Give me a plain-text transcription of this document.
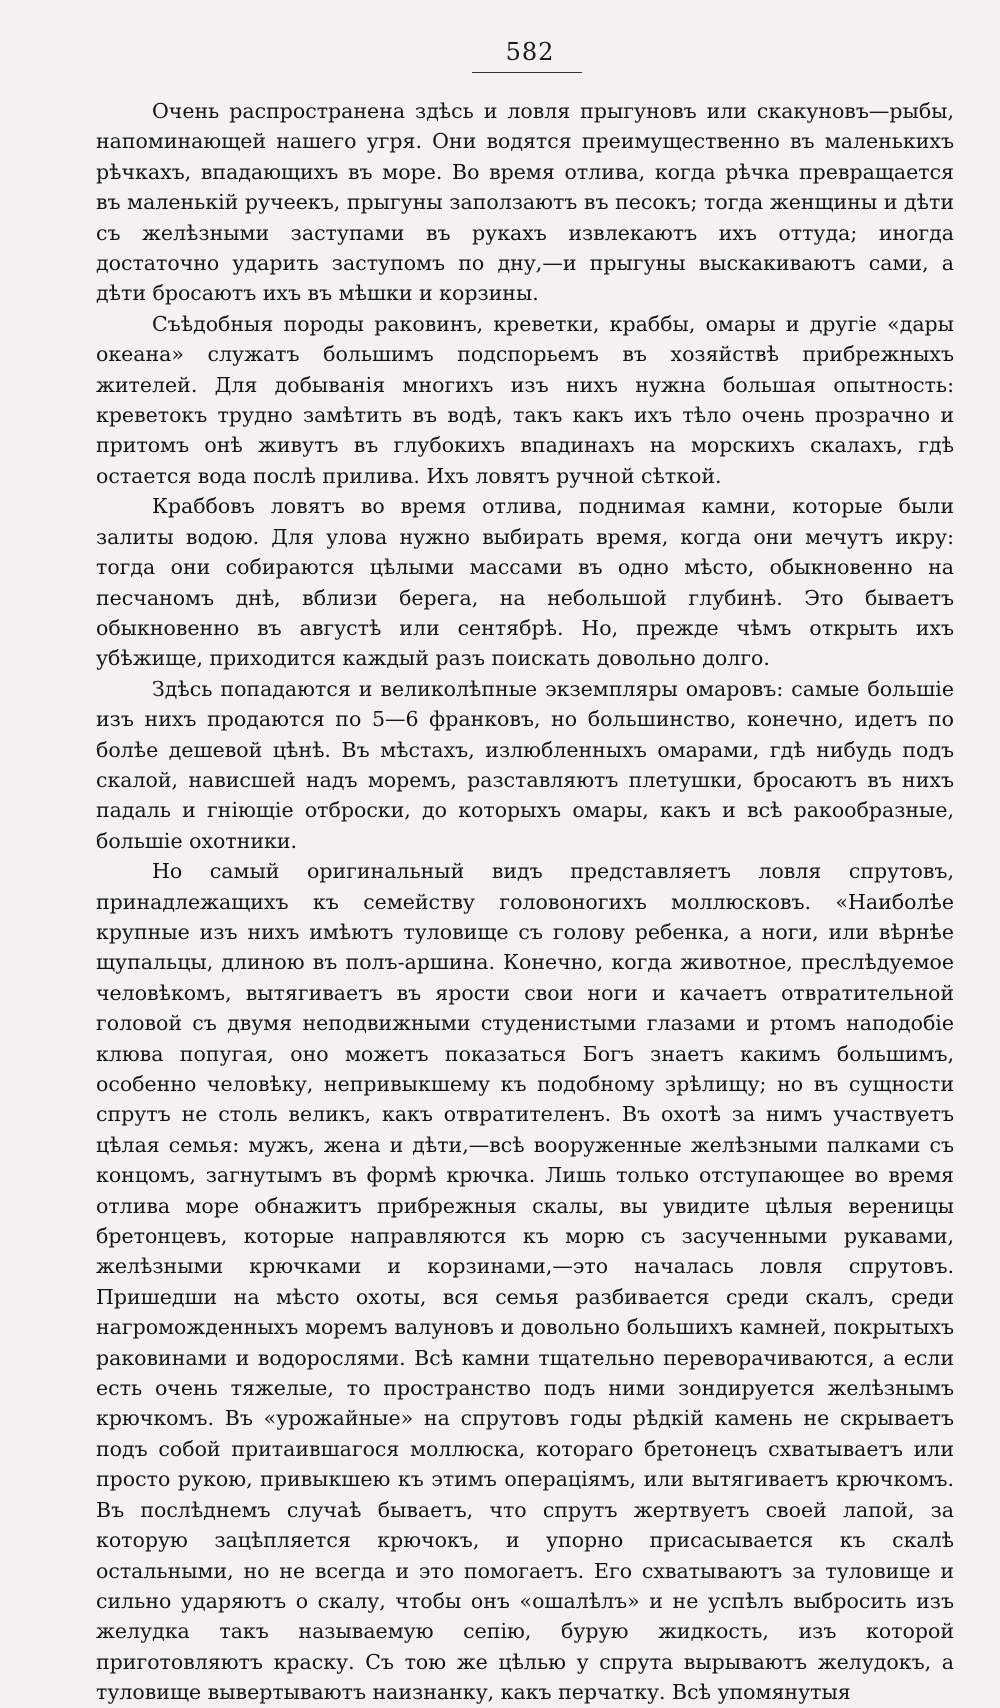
582

Очень распространена здѣсь и ловля прыгуновъ или скакуновъ—рыбы, напоминающей нашего угря. Они водятся преимущественно въ маленькихъ рѣчкахъ, впадающихъ въ море. Во время отлива, когда рѣчка превращается въ маленькій ручеекъ, прыгуны заползаютъ въ песокъ; тогда женщины и дѣти съ желѣзными заступами въ рукахъ извлекаютъ ихъ оттуда; иногда достаточно ударить заступомъ по дну,—и прыгуны выскакиваютъ сами, а дѣти бросаютъ ихъ въ мѣшки и корзины.

Съѣдобныя породы раковинъ, креветки, краббы, омары и другіе «дары океана» служатъ большимъ подспорьемъ въ хозяйствѣ прибрежныхъ жителей. Для добыванія многихъ изъ нихъ нужна большая опытность: креветокъ трудно замѣтить въ водѣ, такъ какъ ихъ тѣло очень прозрачно и притомъ онѣ живутъ въ глубокихъ впадинахъ на морскихъ скалахъ, гдѣ остается вода послѣ прилива. Ихъ ловятъ ручной сѣткой.

Краббовъ ловятъ во время отлива, поднимая камни, которые были залиты водою. Для улова нужно выбирать время, когда они мечутъ икру: тогда они собираются цѣлыми массами въ одно мѣсто, обыкновенно на песчаномъ днѣ, вблизи берега, на небольшой глубинѣ. Это бываетъ обыкновенно въ августѣ или сентябрѣ. Но, прежде чѣмъ открыть ихъ убѣжище, приходится каждый разъ поискать довольно долго.

Здѣсь попадаются и великолѣпные экземпляры омаровъ: самые большіе изъ нихъ продаются по 5—6 франковъ, но большинство, конечно, идетъ по болѣе дешевой цѣнѣ. Въ мѣстахъ, излюбленныхъ омарами, гдѣ нибудь подъ скалой, нависшей надъ моремъ, разставляютъ плетушки, бросаютъ въ нихъ падаль и гніющіе отброски, до которыхъ омары, какъ и всѣ ракообразные, большіе охотники.

Но самый оригинальный видъ представляетъ ловля спрутовъ, принадлежащихъ къ семейству головоногихъ моллюсковъ. «Наиболѣе крупные изъ нихъ имѣютъ туловище съ голову ребенка, а ноги, или вѣрнѣе щупальцы, длиною въ полъ-аршина. Конечно, когда животное, преслѣдуемое человѣкомъ, вытягиваетъ въ ярости свои ноги и качаетъ отвратительной головой съ двумя неподвижными студенистыми глазами и ртомъ наподобіе клюва попугая, оно можетъ показаться Богъ знаетъ какимъ большимъ, особенно человѣку, непривыкшему къ подобному зрѣлищу; но въ сущности спрутъ не столь великъ, какъ отвратителенъ. Въ охотѣ за нимъ участвуетъ цѣлая семья: мужъ, жена и дѣти,—всѣ вооруженные желѣзными палками съ концомъ, загнутымъ въ формѣ крючка. Лишь только отступающее во время отлива море обнажитъ прибрежныя скалы, вы увидите цѣлыя вереницы бретонцевъ, которые направляются къ морю съ засученными рукавами, желѣзными крючками и корзинами,—это началась ловля спрутовъ. Пришедши на мѣсто охоты, вся семья разбивается среди скалъ, среди нагроможденныхъ моремъ валуновъ и довольно большихъ камней, покрытыхъ раковинами и водорослями. Всѣ камни тщательно переворачиваются, а если есть очень тяжелые, то пространство подъ ними зондируется желѣзнымъ крючкомъ. Въ «урожайные» на спрутовъ годы рѣдкій камень не скрываетъ подъ собой притаившагося моллюска, котораго бретонецъ схватываетъ или просто рукою, привыкшею къ этимъ операціямъ, или вытягиваетъ крючкомъ. Въ послѣднемъ случаѣ бываетъ, что спрутъ жертвуетъ своей лапой, за которую зацѣпляется крючокъ, и упорно присасывается къ скалѣ остальными, но не всегда и это помогаетъ. Его схватываютъ за туловище и сильно ударяютъ о скалу, чтобы онъ «ошалѣлъ» и не успѣлъ выбросить изъ желудка такъ называемую сепію, бурую жидкость, изъ которой приготовляютъ краску. Съ тою же цѣлью у спрута вырываютъ желудокъ, а туловище вывертываютъ наизнанку, какъ перчатку. Всѣ упомянутыя
